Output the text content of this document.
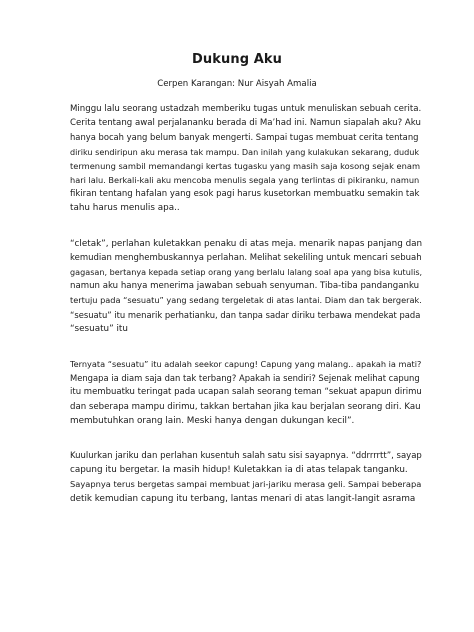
Dukung Aku
Cerpen Karangan: Nur Aisyah Amalia
Minggu lalu seorang ustadzah memberiku tugas untuk menuliskan sebuah cerita.
Cerita tentang awal perjalananku berada di Ma’had ini. Namun siapalah aku? Aku
hanya bocah yang belum banyak mengerti. Sampai tugas membuat cerita tentang
diriku sendiripun aku merasa tak mampu. Dan inilah yang kulakukan sekarang, duduk
termenung sambil memandangi kertas tugasku yang masih saja kosong sejak enam
hari lalu. Berkali-kali aku mencoba menulis segala yang terlintas di pikiranku, namun
fikiran tentang hafalan yang esok pagi harus kusetorkan membuatku semakin tak
tahu harus menulis apa..
“cletak”, perlahan kuletakkan penaku di atas meja. menarik napas panjang dan
kemudian menghembuskannya perlahan. Melihat sekeliling untuk mencari sebuah
gagasan, bertanya kepada setiap orang yang berlalu lalang soal apa yang bisa kutulis,
namun aku hanya menerima jawaban sebuah senyuman. Tiba-tiba pandanganku
tertuju pada “sesuatu” yang sedang tergeletak di atas lantai. Diam dan tak bergerak.
“sesuatu” itu menarik perhatianku, dan tanpa sadar diriku terbawa mendekat pada
“sesuatu” itu
Ternyata “sesuatu” itu adalah seekor capung! Capung yang malang.. apakah ia mati?
Mengapa ia diam saja dan tak terbang? Apakah ia sendiri? Sejenak melihat capung
itu membuatku teringat pada ucapan salah seorang teman “sekuat apapun dirimu
dan seberapa mampu dirimu, takkan bertahan jika kau berjalan seorang diri. Kau
membutuhkan orang lain. Meski hanya dengan dukungan kecil”.
Kuulurkan jariku dan perlahan kusentuh salah satu sisi sayapnya. “ddrrrrtt”, sayap
capung itu bergetar. Ia masih hidup! Kuletakkan ia di atas telapak tanganku.
Sayapnya terus bergetas sampai membuat jari-jariku merasa geli. Sampai beberapa
detik kemudian capung itu terbang, lantas menari di atas langit-langit asrama
